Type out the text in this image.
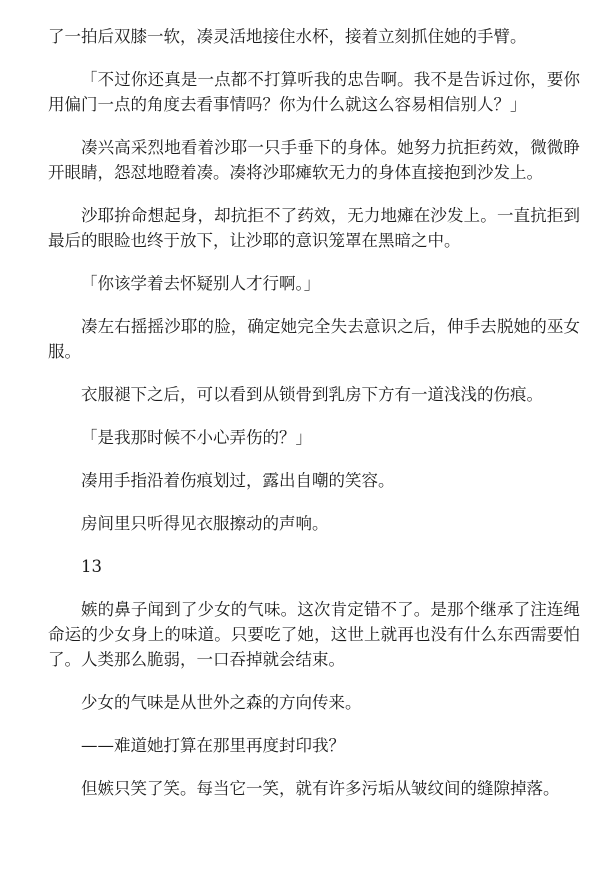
了一拍后双膝一软，凑灵活地接住水杯，接着立刻抓住她的手臂。

「不过你还真是一点都不打算听我的忠告啊。我不是告诉过你，要你用偏门一点的角度去看事情吗？你为什么就这么容易相信别人？」

凑兴高采烈地看着沙耶一只手垂下的身体。她努力抗拒药效，微微睁开眼睛，怨怼地瞪着凑。凑将沙耶瘫软无力的身体直接抱到沙发上。

沙耶拚命想起身，却抗拒不了药效，无力地瘫在沙发上。一直抗拒到最后的眼睑也终于放下，让沙耶的意识笼罩在黑暗之中。

「你该学着去怀疑别人才行啊。」

凑左右摇摇沙耶的脸，确定她完全失去意识之后，伸手去脱她的巫女服。

衣服褪下之后，可以看到从锁骨到乳房下方有一道浅浅的伤痕。

「是我那时候不小心弄伤的？」

凑用手指沿着伤痕划过，露出自嘲的笑容。

房间里只听得见衣服擦动的声响。

13

嫉的鼻子闻到了少女的气味。这次肯定错不了。是那个继承了注连绳命运的少女身上的味道。只要吃了她，这世上就再也没有什么东西需要怕了。人类那么脆弱，一口吞掉就会结束。

少女的气味是从世外之森的方向传来。

——难道她打算在那里再度封印我？

但嫉只笑了笑。每当它一笑，就有许多污垢从皱纹间的缝隙掉落。
